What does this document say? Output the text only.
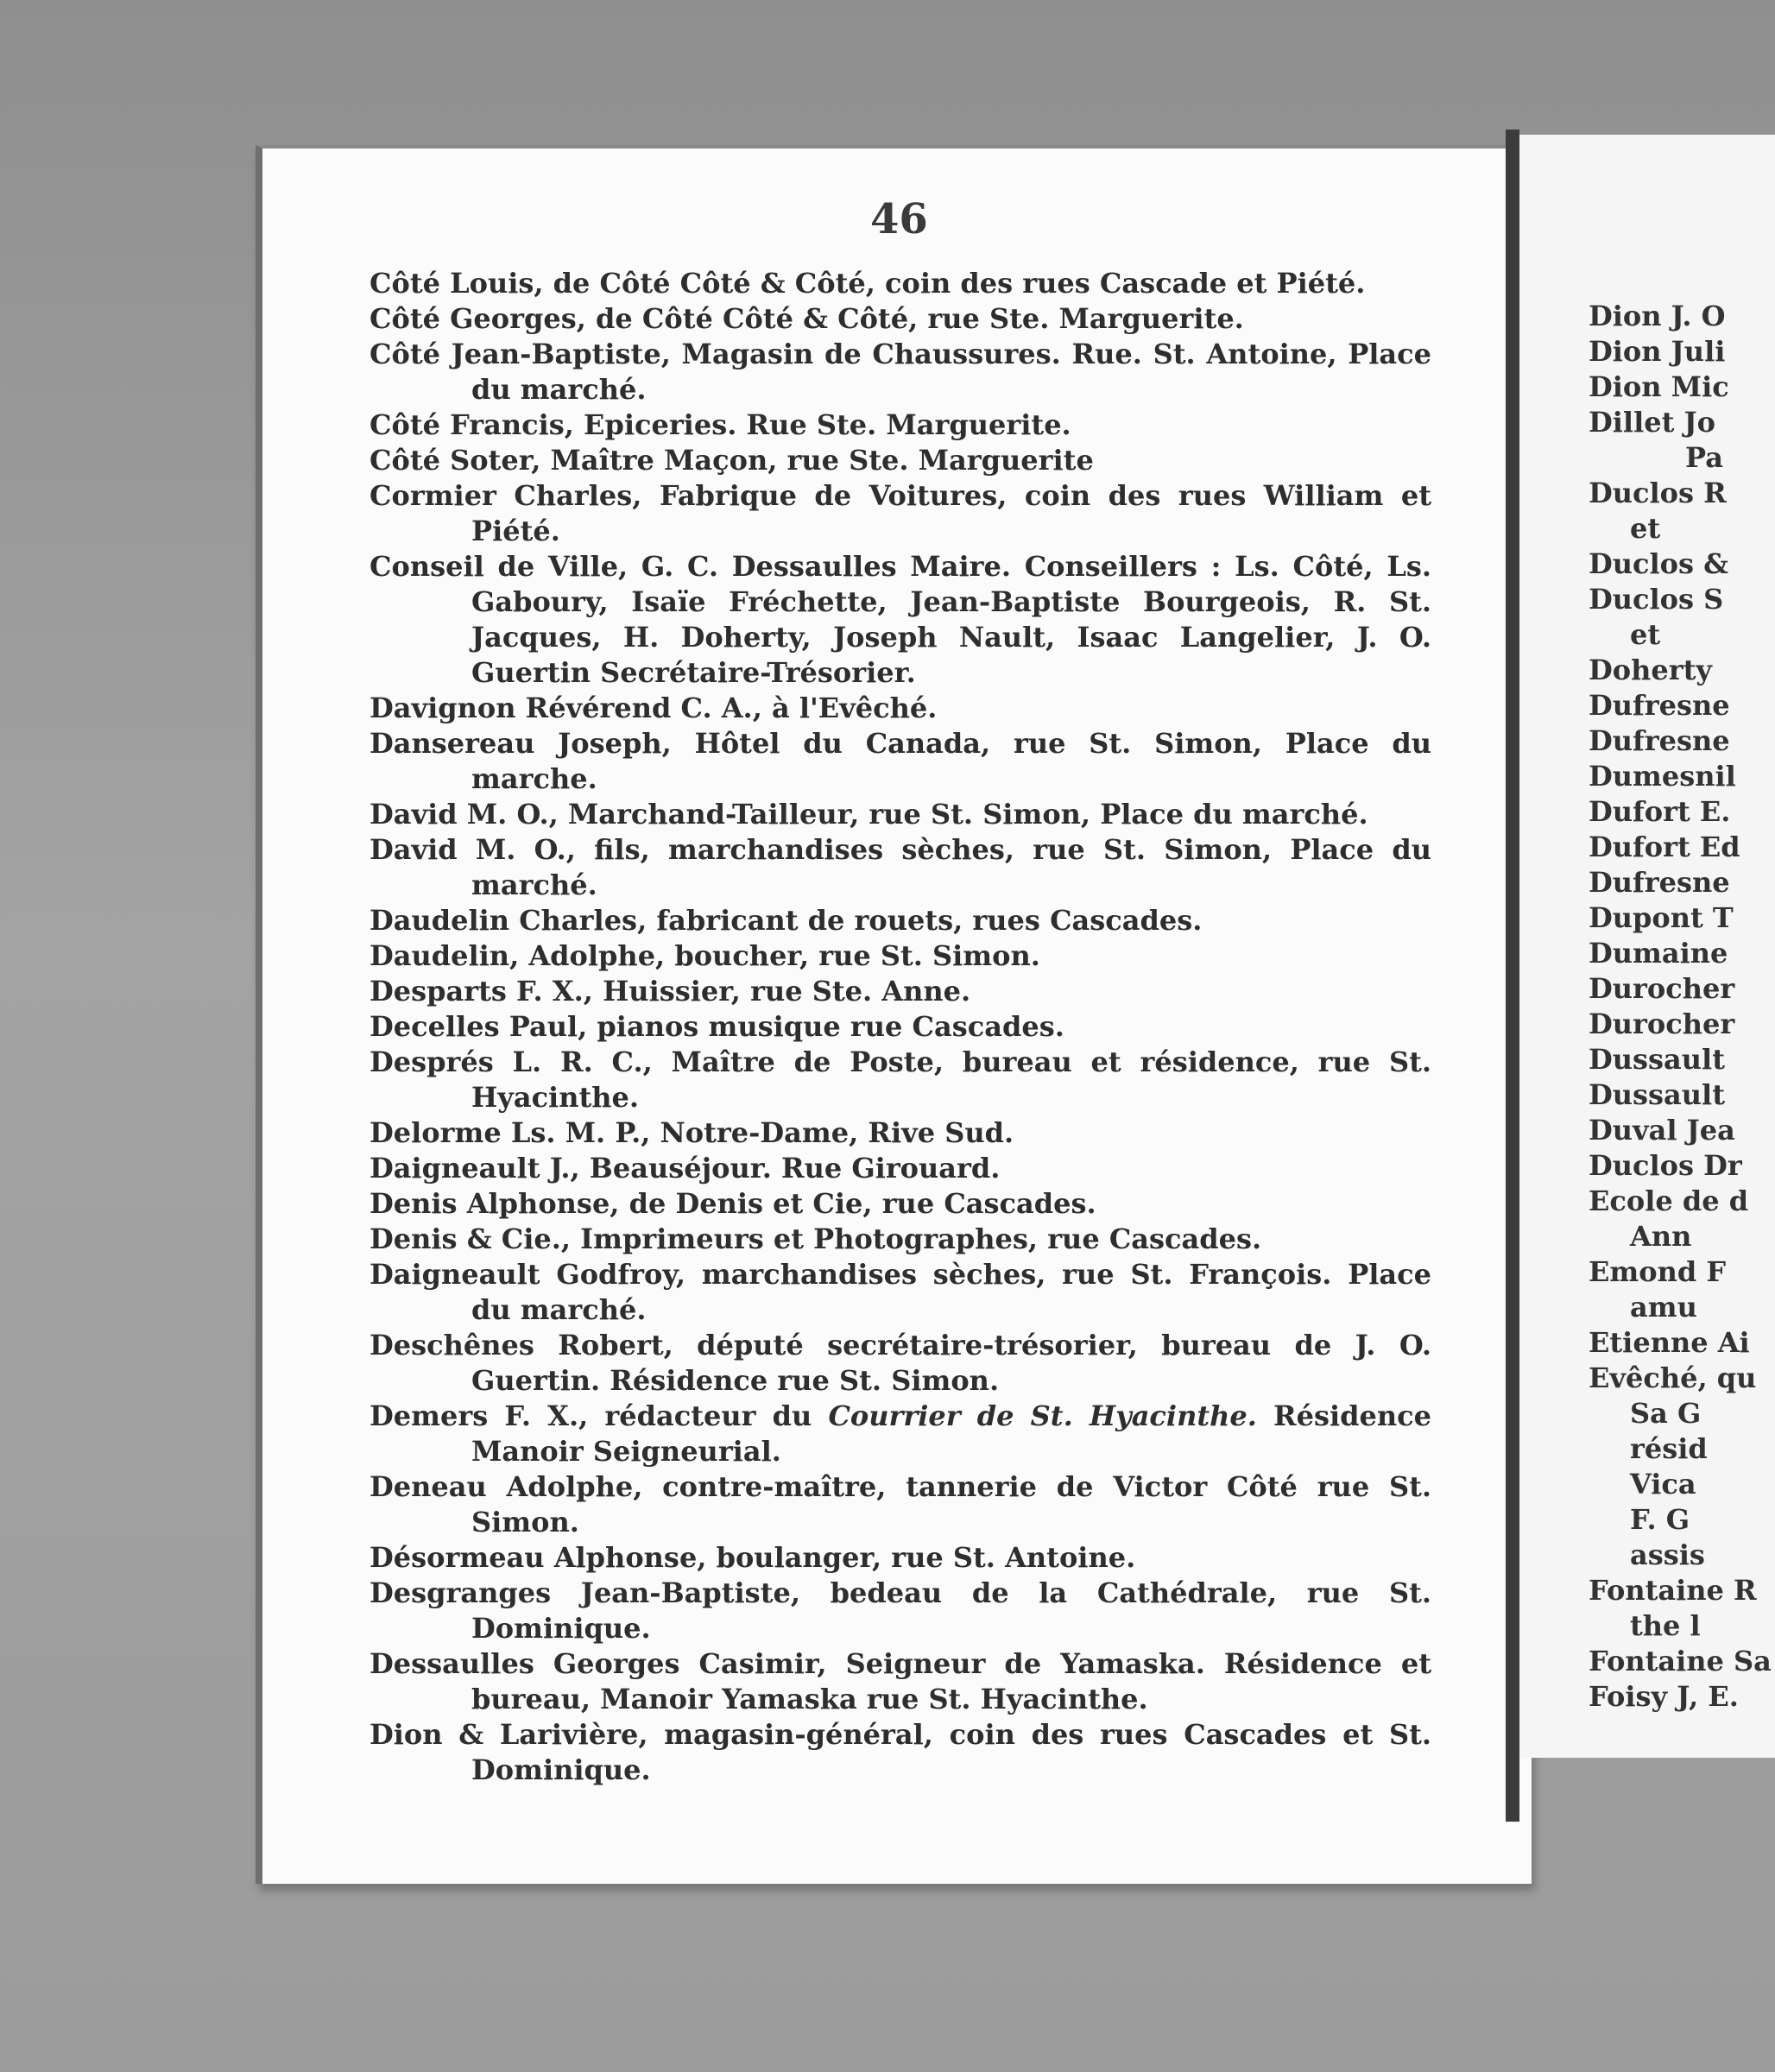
46
Côté Louis, de Côté Côté & Côté, coin des rues Cascade et Piété.
Côté Georges, de Côté Côté & Côté, rue Ste. Marguerite.
Côté Jean-Baptiste, Magasin de Chaussures. Rue. St. Antoine, Place du marché.
Côté Francis, Epiceries. Rue Ste. Marguerite.
Côté Soter, Maître Maçon, rue Ste. Marguerite
Cormier Charles, Fabrique de Voitures, coin des rues William et Piété.
Conseil de Ville, G. C. Dessaulles Maire. Conseillers : Ls. Côté, Ls. Gaboury, Isaïe Fréchette, Jean-Baptiste Bourgeois, R. St. Jacques, H. Doherty, Joseph Nault, Isaac Langelier, J. O. Guertin Secrétaire-Trésorier.
Davignon Révérend C. A., à l'Evêché.
Dansereau Joseph, Hôtel du Canada, rue St. Simon, Place du marche.
David M. O., Marchand-Tailleur, rue St. Simon, Place du marché.
David M. O., fils, marchandises sèches, rue St. Simon, Place du marché.
Daudelin Charles, fabricant de rouets, rues Cascades.
Daudelin, Adolphe, boucher, rue St. Simon.
Desparts F. X., Huissier, rue Ste. Anne.
Decelles Paul, pianos musique rue Cascades.
Després L. R. C., Maître de Poste, bureau et résidence, rue St. Hyacinthe.
Delorme Ls. M. P., Notre-Dame, Rive Sud.
Daigneault J., Beauséjour. Rue Girouard.
Denis Alphonse, de Denis et Cie, rue Cascades.
Denis & Cie., Imprimeurs et Photographes, rue Cascades.
Daigneault Godfroy, marchandises sèches, rue St. François. Place du marché.
Deschênes Robert, député secrétaire-trésorier, bureau de J. O. Guertin. Résidence rue St. Simon.
Demers F. X., rédacteur du Courrier de St. Hyacinthe. Résidence Manoir Seigneurial.
Deneau Adolphe, contre-maître, tannerie de Victor Côté rue St. Simon.
Désormeau Alphonse, boulanger, rue St. Antoine.
Desgranges Jean-Baptiste, bedeau de la Cathédrale, rue St. Dominique.
Dessaulles Georges Casimir, Seigneur de Yamaska. Résidence et bureau, Manoir Yamaska rue St. Hyacinthe.
Dion & Larivière, magasin-général, coin des rues Cascades et St. Dominique.
Dion J. O
Dion Juli
Dion Mic
Dillet Jo
Pa
Duclos R
et
Duclos &
Duclos S
et
Doherty
Dufresne
Dufresne
Dumesnil
Dufort E.
Dufort Ed
Dufresne
Dupont T
Dumaine
Durocher
Durocher
Dussault
Dussault
Duval Jea
Duclos Dr
Ecole de d
Ann
Emond F
amu
Etienne Ai
Evêché, qu
Sa G
résid
Vica
F. G
assis
Fontaine R
the l
Fontaine Sa
Foisy J, E.
